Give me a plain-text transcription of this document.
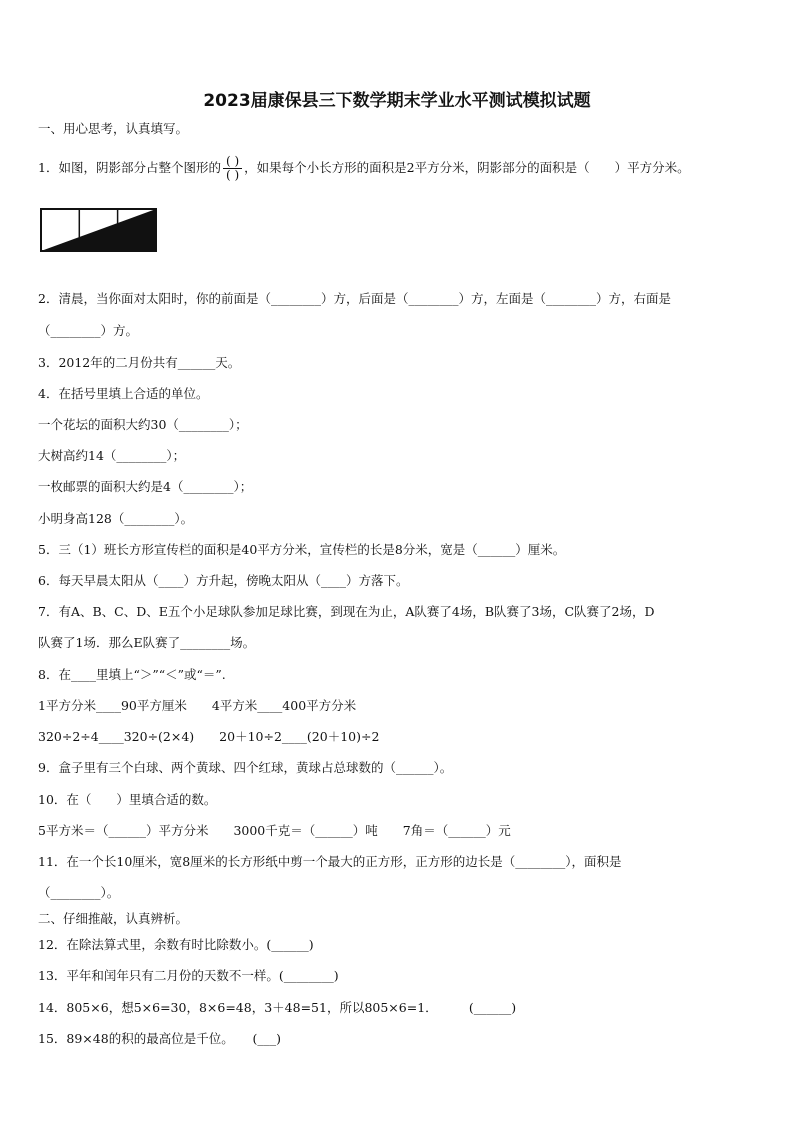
2023届康保县三下数学期末学业水平测试模拟试题
一、用心思考，认真填写。
1．如图，阴影部分占整个图形的 $\frac{( )}{( )}$ ，如果每个小长方形的面积是2平方分米，阴影部分的面积是（　　）平方分米。
2．清晨，当你面对太阳时，你的前面是（________）方，后面是（________）方，左面是（________）方，右面是
（________）方。
3．2012年的二月份共有______天。
4．在括号里填上合适的单位。
一个花坛的面积大约30（________）；
大树高约14（________）；
一枚邮票的面积大约是4（________）；
小明身高128（________）。
5．三（1）班长方形宣传栏的面积是40平方分米，宣传栏的长是8分米，宽是（______）厘米。
6．每天早晨太阳从（____）方升起，傍晚太阳从（____）方落下。
7．有A、B、C、D、E五个小足球队参加足球比赛，到现在为止，A队赛了4场，B队赛了3场，C队赛了2场，D
队赛了1场．那么E队赛了________场。
8．在____里填上“＞”“＜”或“＝”.
1平方分米____90平方厘米　　4平方米____400平方分米
320÷2÷4____320÷(2×4)　　20＋10÷2____(20＋10)÷2
9．盒子里有三个白球、两个黄球、四个红球，黄球占总球数的（______）。
10．在（　　）里填合适的数。
5平方米＝（______）平方分米　　3000千克＝（______）吨　　7角＝（______）元
11．在一个长10厘米，宽8厘米的长方形纸中剪一个最大的正方形，正方形的边长是（________），面积是
（________）。
二、仔细推敲，认真辨析。
12．在除法算式里，余数有时比除数小。(______)
13．平年和闰年只有二月份的天数不一样。(________)
14．805×6，想5×6=30，8×6=48，3＋48=51，所以805×6=1．　　　(______)
15．89×48的积的最高位是千位。　　(___)
